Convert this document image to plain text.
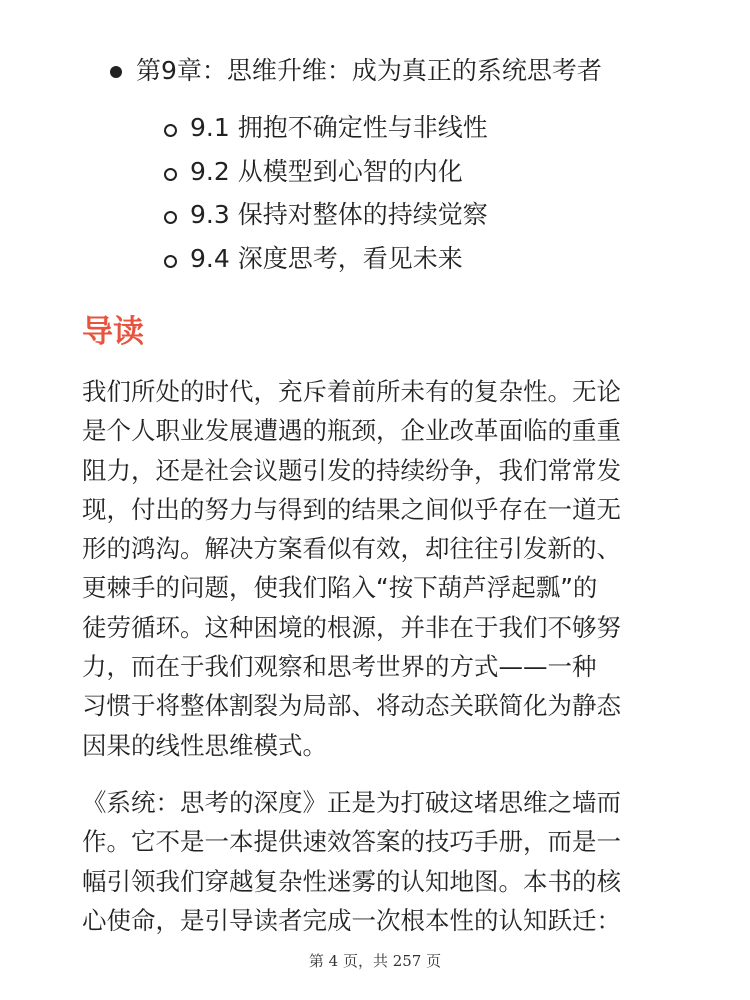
第9章：思维升维：成为真正的系统思考者
9.1 拥抱不确定性与非线性
9.2 从模型到心智的内化
9.3 保持对整体的持续觉察
9.4 深度思考，看见未来
导读

我们所处的时代，充斥着前所未有的复杂性。无论
是个人职业发展遭遇的瓶颈，企业改革面临的重重
阻力，还是社会议题引发的持续纷争，我们常常发
现，付出的努力与得到的结果之间似乎存在一道无
形的鸿沟。解决方案看似有效，却往往引发新的、
更棘手的问题，使我们陷入“按下葫芦浮起瓢”的
徒劳循环。这种困境的根源，并非在于我们不够努
力，而在于我们观察和思考世界的方式——一种
习惯于将整体割裂为局部、将动态关联简化为静态
因果的线性思维模式。

《系统：思考的深度》正是为打破这堵思维之墙而
作。它不是一本提供速效答案的技巧手册，而是一
幅引领我们穿越复杂性迷雾的认知地图。本书的核
心使命，是引导读者完成一次根本性的认知跃迁：

第 4 页，共 257 页
